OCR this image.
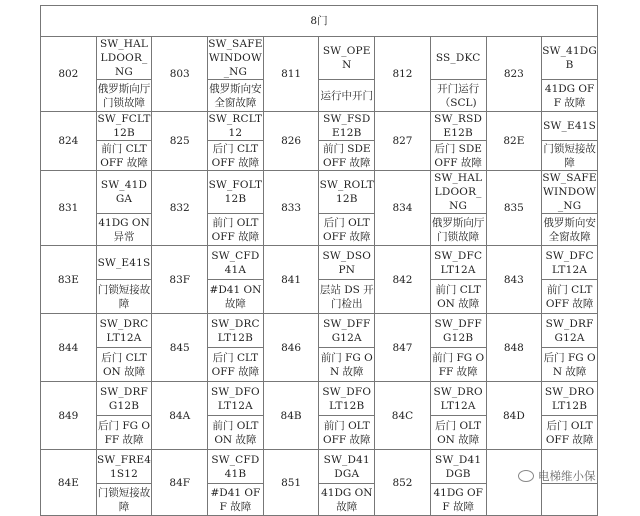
8门									
802	SW_HALLDOOR_NG	803	SW_SAFEWINDOW_NG	811	SW_OPEN	812	SS_DKC	823	SW_41DGB
	俄罗斯向厅门锁故障		俄罗斯向安全窗故障		运行中开门		开门运行（SCL)		41DG OFF 故障
824	SW_FCLT12B	825	SW_RCLT12	826	SW_FSDE12B	827	SW_RSDE12B	82E	SW_E41S
	前门 CLT OFF 故障		后门 CLT OFF 故障		前门 SDE OFF 故障		后门 SDE OFF 故障		门锁短接故障
831	SW_41DGA	832	SW_FOLT12B	833	SW_ROLT12B	834	SW_HALLDOOR_NG	835	SW_SAFEWINDOW_NG
	41DG ON 异常		前门 OLT OFF 故障		后门 OLT OFF 故障		俄罗斯向厅门锁故障		俄罗斯向安全窗故障
83E	SW_E41S	83F	SW_CFD41A	841	SW_DSOPN	842	SW_DFCLT12A	843	SW_DFCLT12A
	门锁短接故障		#D41 ON 故障		层站 DS 开门检出		前门 CLT ON 故障		前门 CLT OFF 故障
844	SW_DRCLT12A	845	SW_DRCLT12B	846	SW_DFFG12A	847	SW_DFFG12B	848	SW_DRFG12A
	后门 CLT ON 故障		后门 CLT OFF 故障		前门 FG ON 故障		前门 FG OFF 故障		后门 FG ON 故障
849	SW_DRFG12B	84A	SW_DFOLT12A	84B	SW_DFOLT12B	84C	SW_DROLT12A	84D	SW_DROLT12B
	后门 FG OFF 故障		前门 OLT ON 故障		前门 OLT OFF 故障		后门 OLT ON 故障		后门 OLT OFF 故障
84E	SW_FRE41S12	84F	SW_CFD41B	851	SW_D41DGA	852	SW_D41DGB		
	门锁短接故障		#D41 OFF 故障		41DG ON 故障		41DG OFF 故障		
电梯维小保
